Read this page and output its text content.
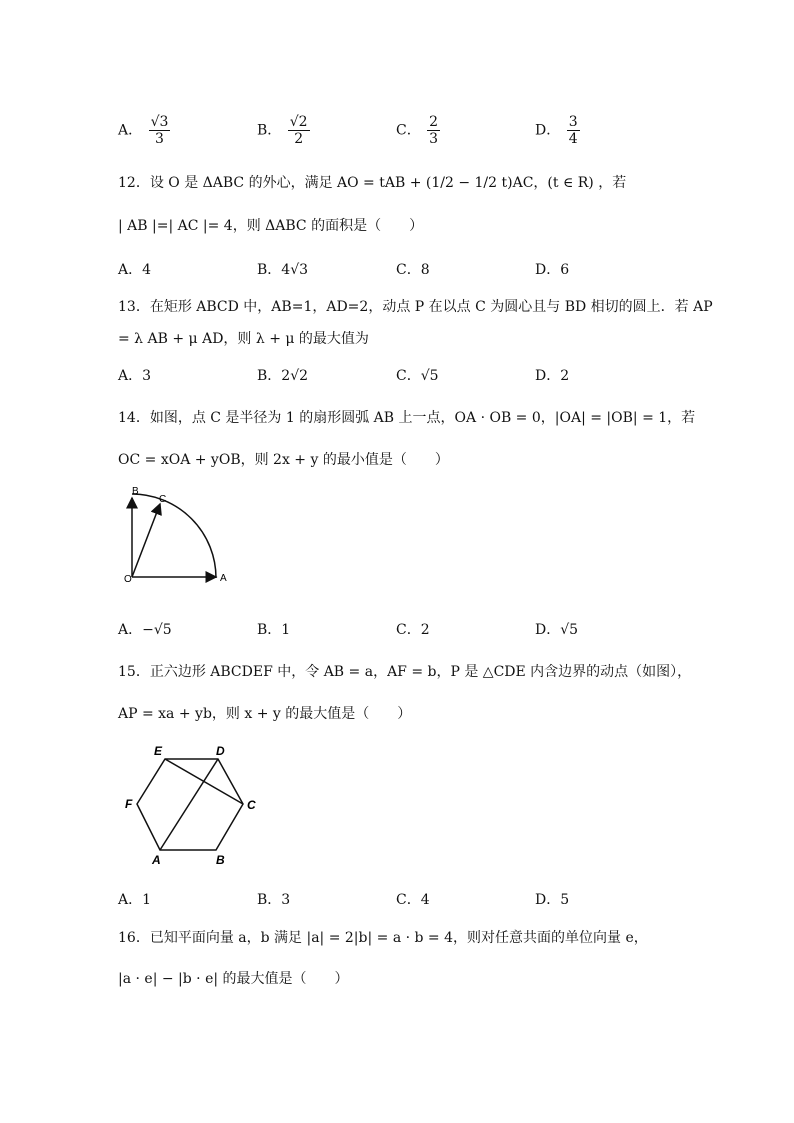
A． $\frac{√3}{3}$	B． $\frac{√2}{2}$	C． $\frac{2}{3}$	D． $\frac{3}{4}$
12．设 O 是 ΔABC 的外心，满足 AO = tAB + (1/2 − 1/2 t)AC，(t ∈ R) ，若
| AB |=| AC |= 4，则 ΔABC 的面积是（　　）
A．4	B．4√3	C．8	D．6
13．在矩形 ABCD 中，AB=1，AD=2，动点 P 在以点 C 为圆心且与 BD 相切的圆上．若 AP
= λ AB + μ AD，则 λ + μ 的最大值为
A．3	B．2√2	C．√5	D．2
14．如图，点 C 是半径为 1 的扇形圆弧 AB 上一点，OA · OB = 0，|OA| = |OB| = 1，若
OC = xOA + yOB，则 2x + y 的最小值是（　　）
B
C
O	A
A．−√5	B．1	C．2	D．√5
15．正六边形 ABCDEF 中，令 AB = a，AF = b，P 是 △CDE 内含边界的动点（如图），
AP = xa + yb，则 x + y 的最大值是（　　）
A	B
C
D
E
F
A．1	B．3	C．4	D．5
16．已知平面向量 a，b 满足 |a| = 2|b| = a · b = 4，则对任意共面的单位向量 e，
|a · e| − |b · e| 的最大值是（　　）
